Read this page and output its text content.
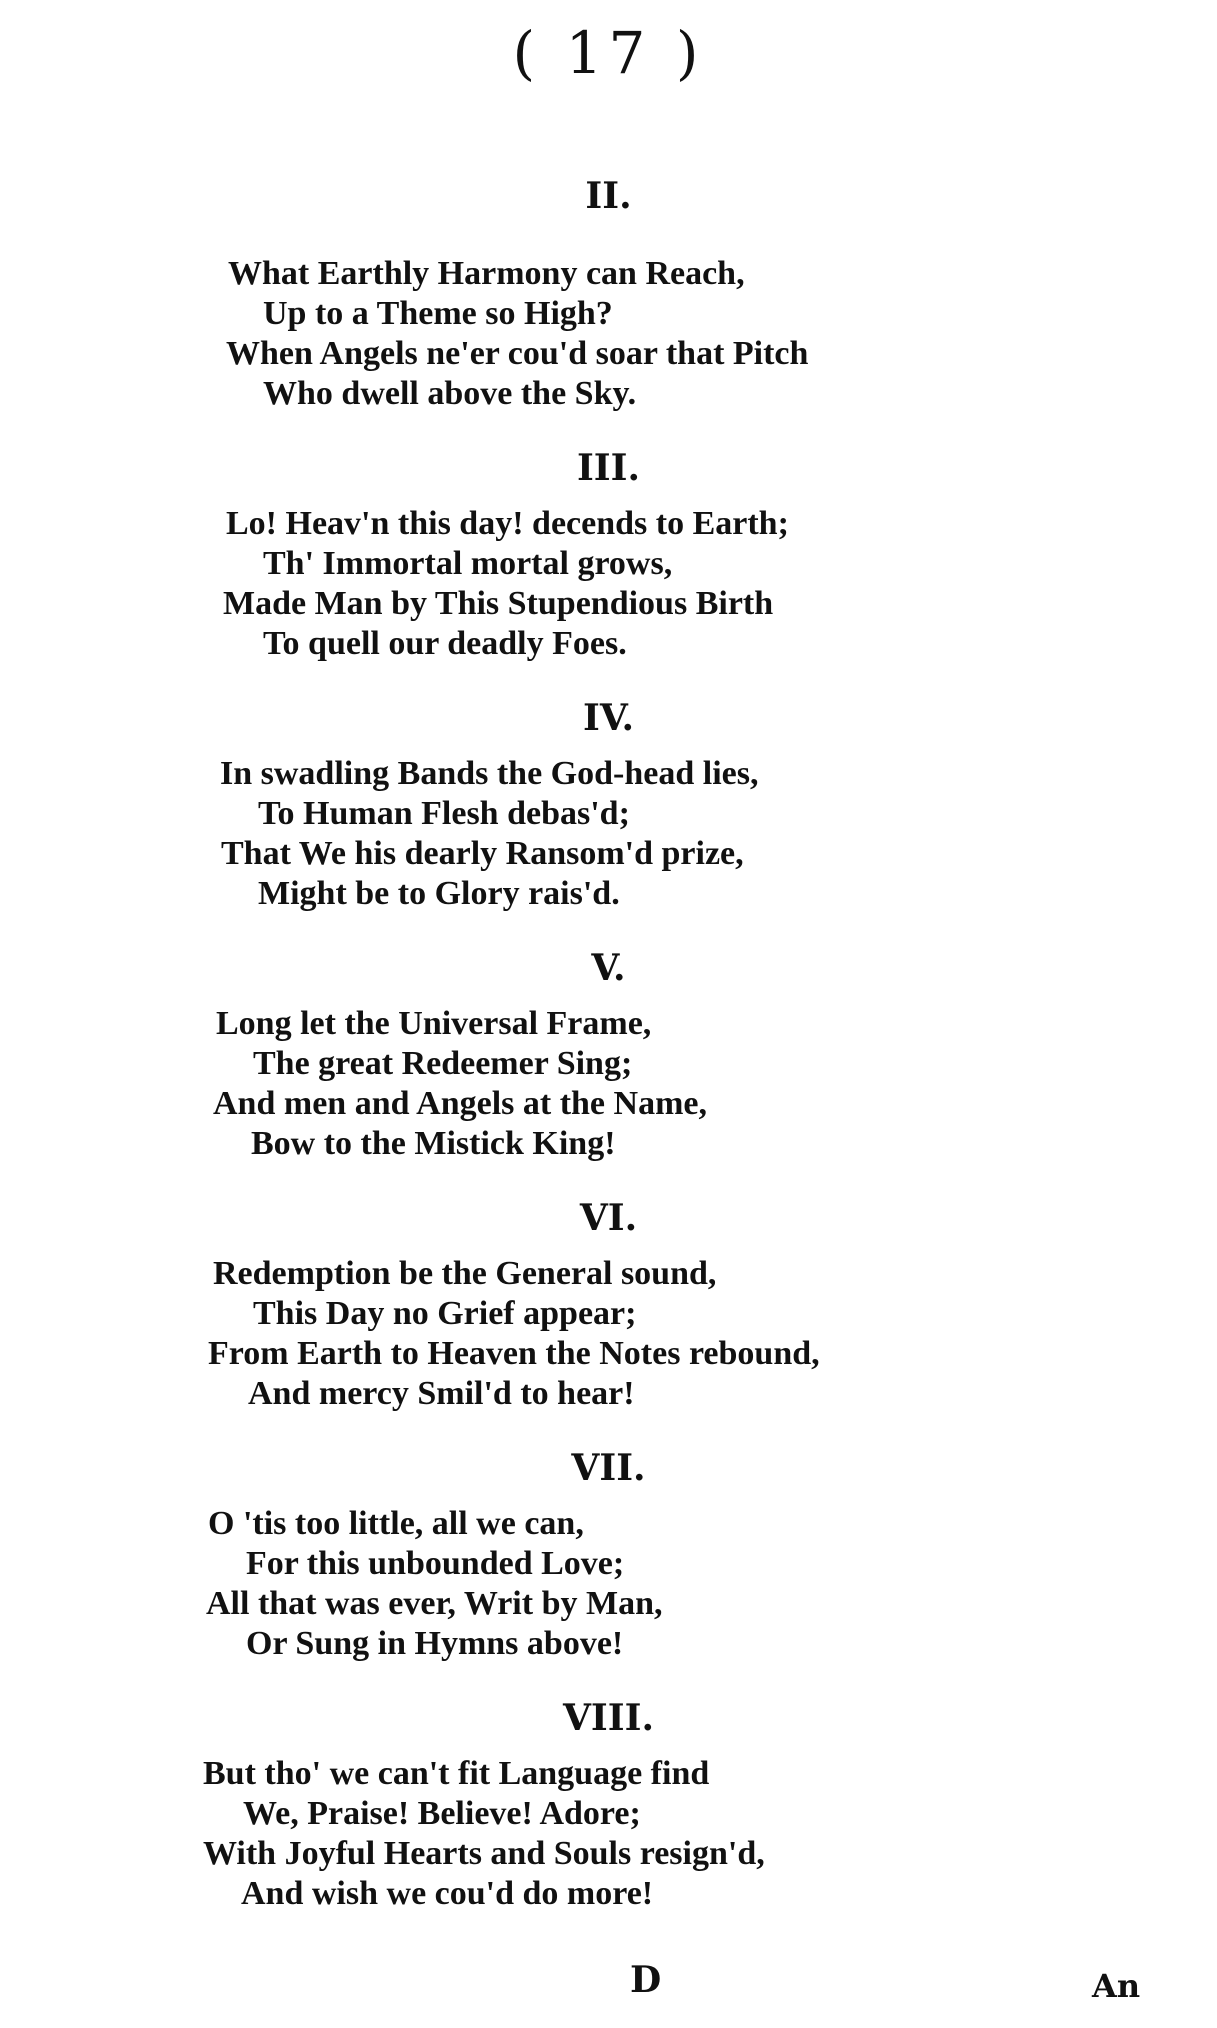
( 17 )
II.
What Earthly Harmony can Reach,
Up to a Theme so High?
When Angels ne'er cou'd soar that Pitch
Who dwell above the Sky.
III.
Lo! Heav'n this day! decends to Earth;
Th' Immortal mortal grows,
Made Man by This Stupendious Birth
To quell our deadly Foes.
IV.
In swadling Bands the God-head lies,
To Human Flesh debas'd;
That We his dearly Ransom'd prize,
Might be to Glory rais'd.
V.
Long let the Universal Frame,
The great Redeemer Sing;
And men and Angels at the Name,
Bow to the Mistick King!
VI.
Redemption be the General sound,
This Day no Grief appear;
From Earth to Heaven the Notes rebound,
And mercy Smil'd to hear!
VII.
O 'tis too little, all we can,
For this unbounded Love;
All that was ever, Writ by Man,
Or Sung in Hymns above!
VIII.
But tho' we can't fit Language find
We, Praise! Believe! Adore;
With Joyful Hearts and Souls resign'd,
And wish we cou'd do more!
D	An
